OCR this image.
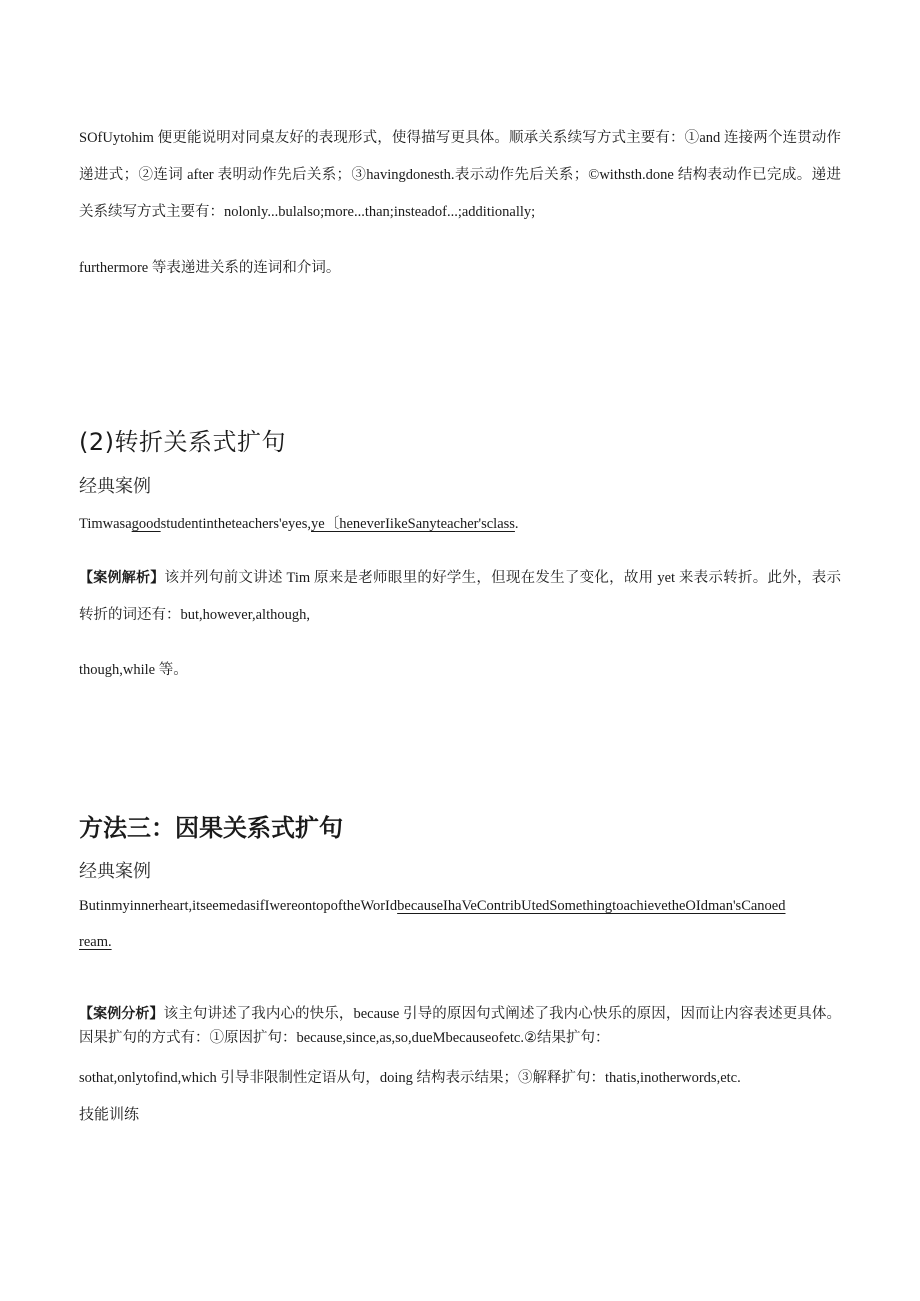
SOfUytohim 便更能说明对同桌友好的表现形式，使得描写更具体。顺承关系续写方式主要有：①and 连接两个连贯动作递进式；②连词 after 表明动作先后关系；③havingdonesth.表示动作先后关系；©withsth.done 结构表动作已完成。递进关系续写方式主要有：nolonly...bulalso;more...than;insteadof...;additionally;

furthermore 等表递进关系的连词和介词。

(2)转折关系式扩句

经典案例

Timwasagoodstudentintheteachers'eyes,ye〔heneverIikeSanyteacher'sclass.

【案例解析】该并列句前文讲述 Tim 原来是老师眼里的好学生，但现在发生了变化，故用 yet 来表示转折。此外，表示转折的词还有：but,however,although,

though,while 等。

方法三：因果关系式扩句

经典案例

Butinmyinnerheart,itseemedasifIwereontopoftheWorIdbecauseIhaVeContribUtedSomethingtoachievetheOIdman'sCanoed

ream.

【案例分析】该主句讲述了我内心的快乐，because 引导的原因句式阐述了我内心快乐的原因，因而让内容表述更具体。因果扩句的方式有：①原因扩句：because,since,as,so,dueMbecauseofetc.②结果扩句：

sothat,onlytofind,which 引导非限制性定语从句，doing 结构表示结果；③解释扩句：thatis,inotherwords,etc.

技能训练
